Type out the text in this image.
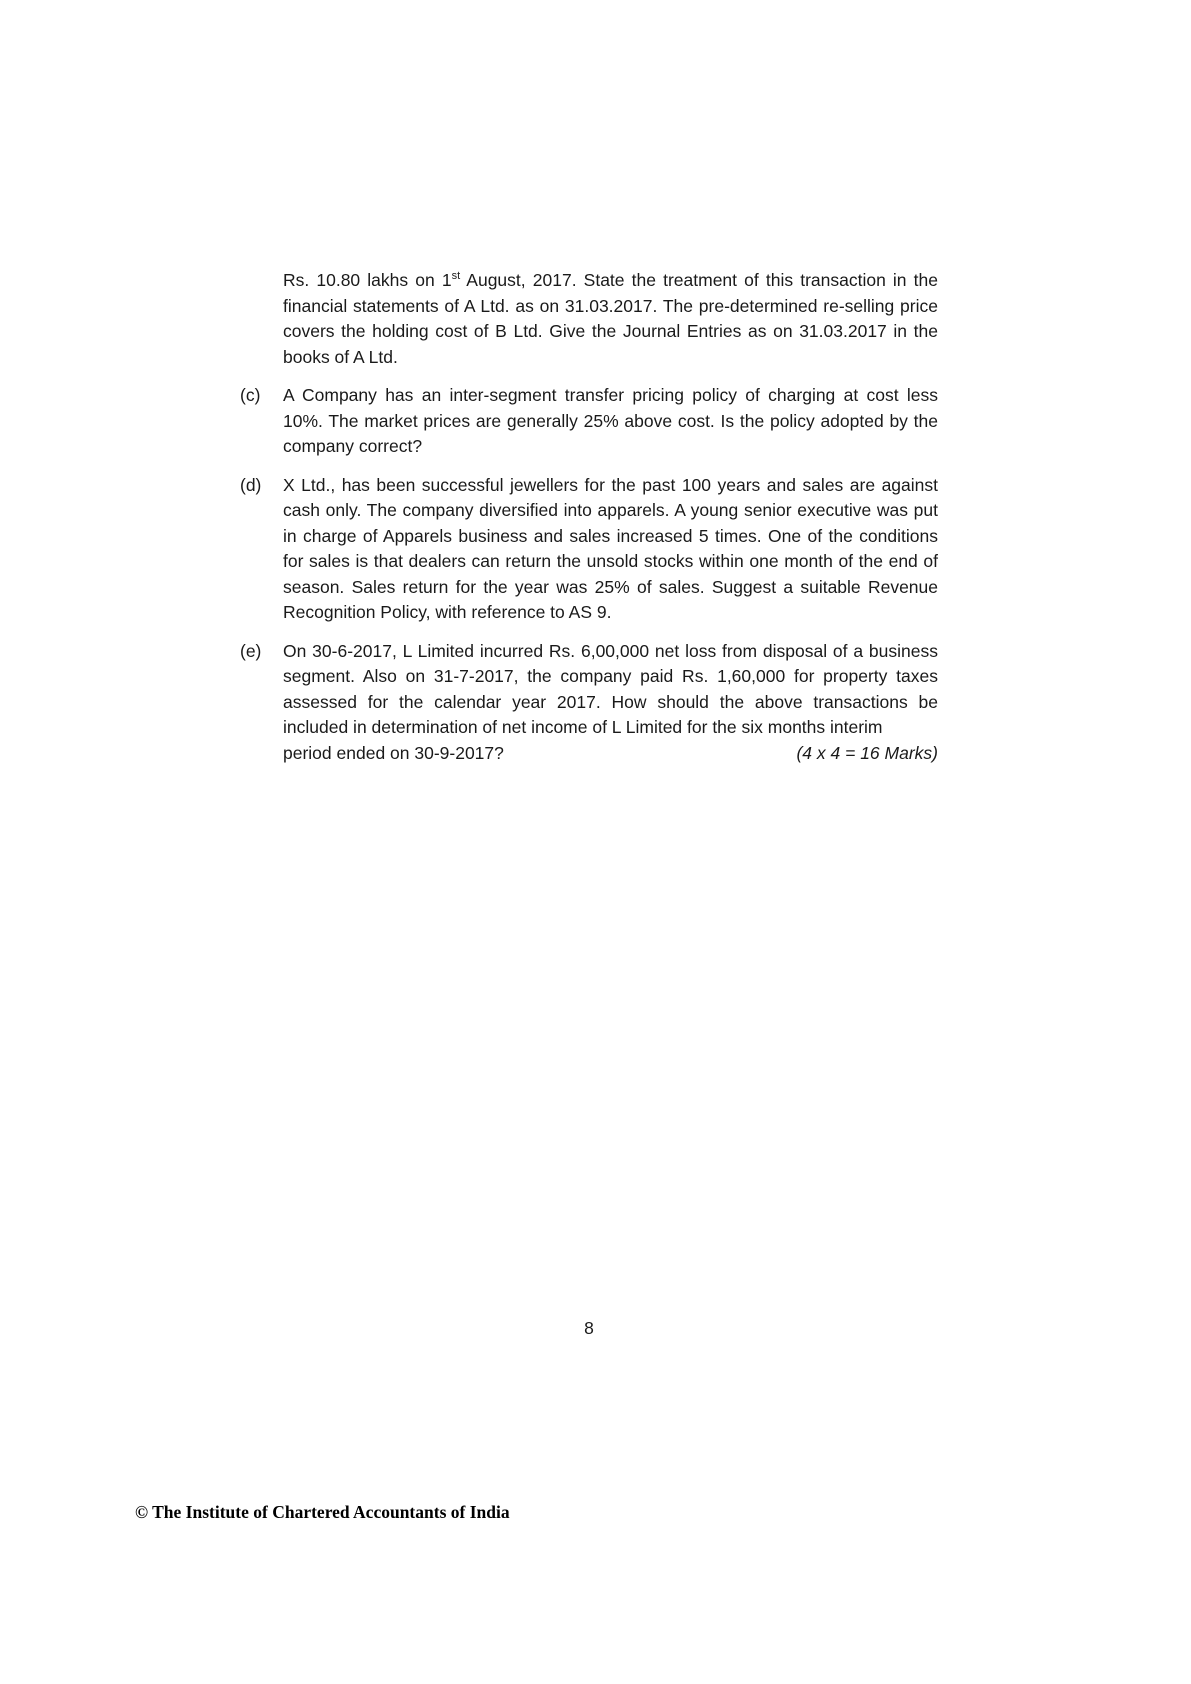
Rs. 10.80 lakhs on 1st August, 2017. State the treatment of this transaction in the financial statements of A Ltd. as on 31.03.2017. The pre-determined re-selling price covers the holding cost of B Ltd. Give the Journal Entries as on 31.03.2017 in the books of A Ltd.

(c)	A Company has an inter-segment transfer pricing policy of charging at cost less 10%. The market prices are generally 25% above cost. Is the policy adopted by the company correct?

(d)	X Ltd., has been successful jewellers for the past 100 years and sales are against cash only. The company diversified into apparels. A young senior executive was put in charge of Apparels business and sales increased 5 times. One of the conditions for sales is that dealers can return the unsold stocks within one month of the end of season. Sales return for the year was 25% of sales. Suggest a suitable Revenue Recognition Policy, with reference to AS 9.

(e)	On 30-6-2017, L Limited incurred Rs. 6,00,000 net loss from disposal of a business segment. Also on 31-7-2017, the company paid Rs. 1,60,000 for property taxes assessed for the calendar year 2017. How should the above transactions be included in determination of net income of L Limited for the six months interim

period ended on 30-9-2017?	(4 x 4 = 16 Marks)
8
© The Institute of Chartered Accountants of India
